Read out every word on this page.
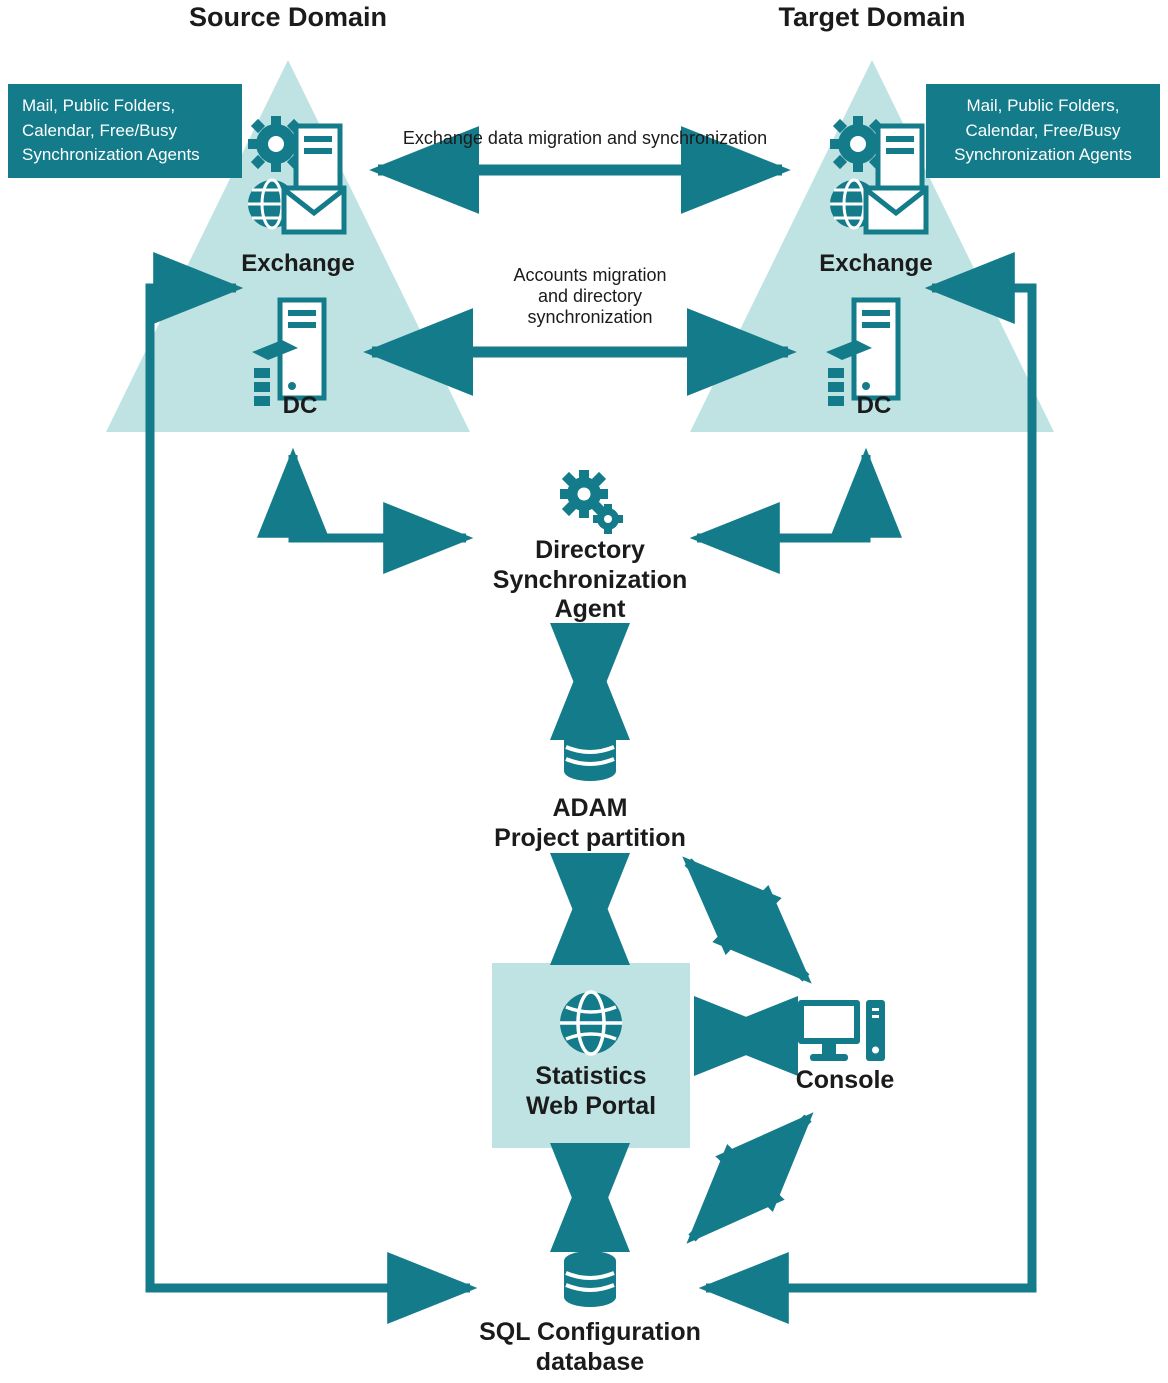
Source Domain	Target Domain
Mail, Public Folders, Calendar, Free/Busy Synchronization Agents
Mail, Public Folders, Calendar, Free/Busy Synchronization Agents
Exchange data migration and synchronization
Accounts migration
and directory
synchronization
Exchange	Exchange
DC	DC
Directory
Synchronization
Agent
ADAM
Project partition
Statistics
Web Portal
Console
SQL Configuration
database
